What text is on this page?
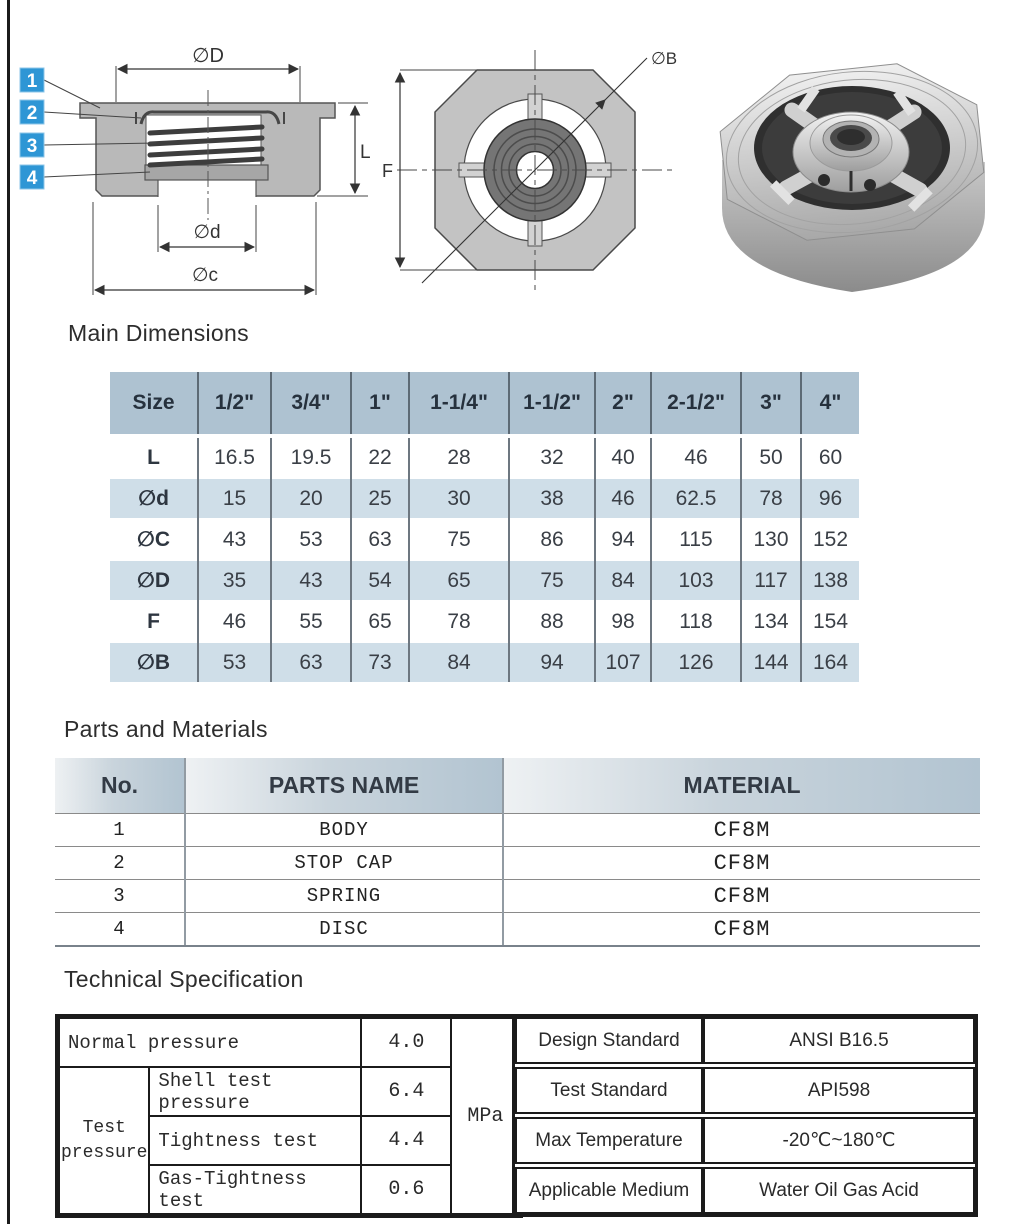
∅D
∅d
∅c
L
1
2
3
4
∅B
F
Main Dimensions
Parts and Materials
Technical Specification
Size	1/2"	3/4"	1"	1-1/4"	1-1/2"	2"	2-1/2"	3"	4"
L	16.5	19.5	22	28	32	40	46	50	60
∅d	15	20	25	30	38	46	62.5	78	96
∅C	43	53	63	75	86	94	115	130	152
∅D	35	43	54	65	75	84	103	117	138
F	46	55	65	78	88	98	118	134	154
∅B	53	63	73	84	94	107	126	144	164
No.	PARTS NAME	MATERIAL
1	BODY	CF8M
2	STOP CAP	CF8M
3	SPRING	CF8M
4	DISC	CF8M
Normal pressure		4.0	MPa
Test pressure	Shell test pressure	6.4	
	Tightness test	4.4	
	Gas-Tightness test	0.6	
Design Standard	ANSI B16.5
Test Standard	API598
Max Temperature	-20℃~180℃
Applicable Medium	Water Oil Gas Acid
